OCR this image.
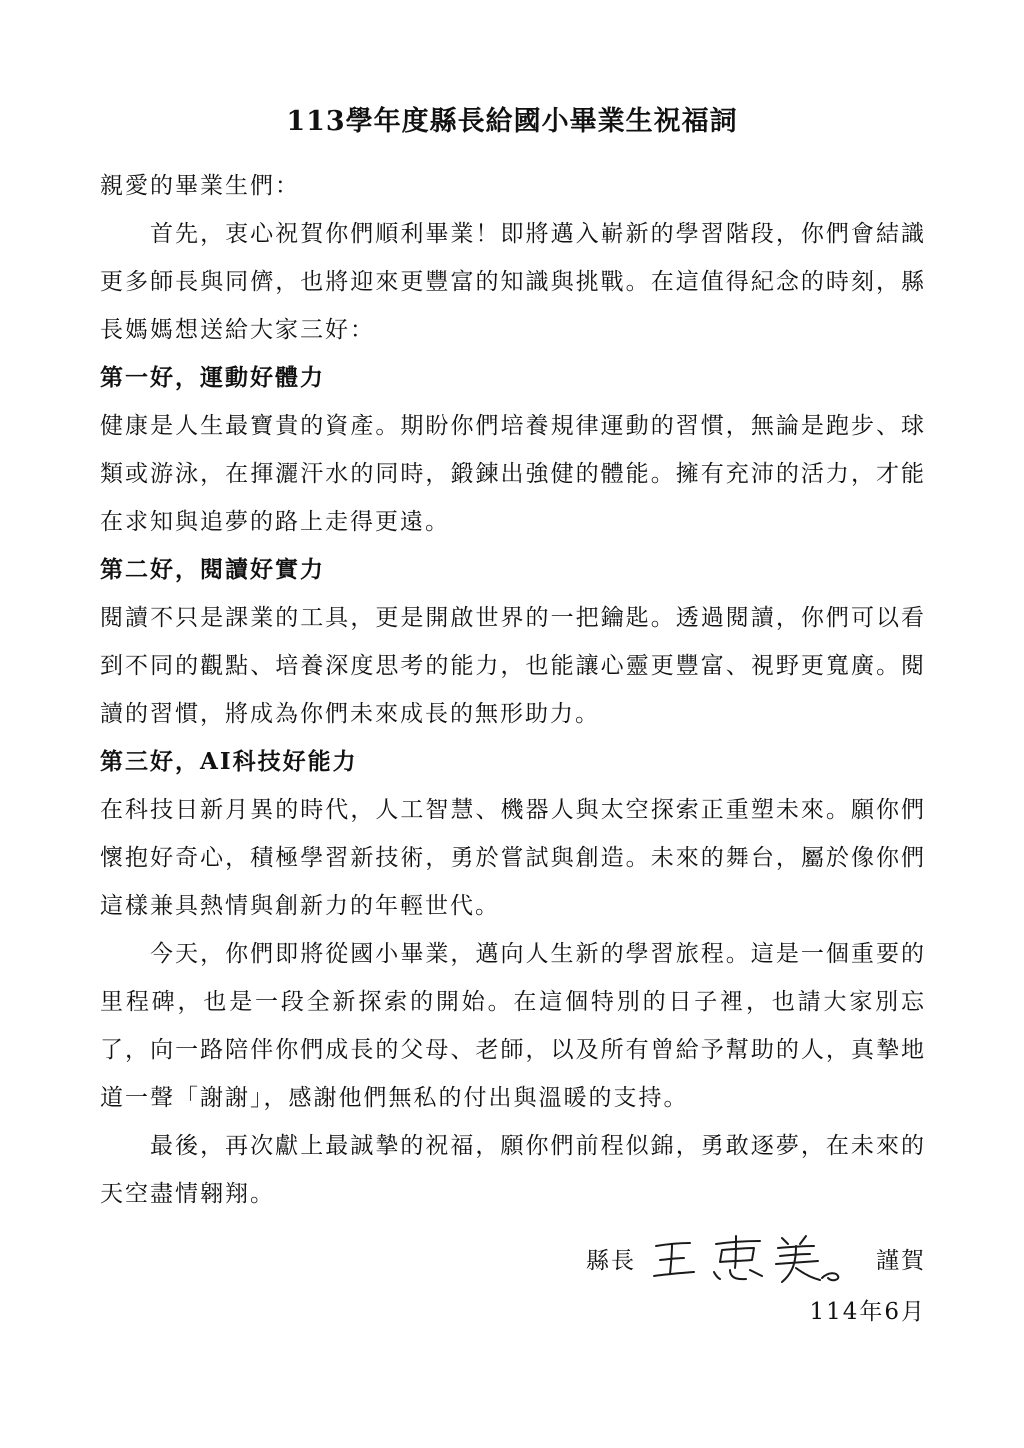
113學年度縣長給國小畢業生祝福詞

親愛的畢業生們：

首先，衷心祝賀你們順利畢業！即將邁入嶄新的學習階段，你們會結識更多師長與同儕，也將迎來更豐富的知識與挑戰。在這值得紀念的時刻，縣長媽媽想送給大家三好：

第一好，運動好體力

健康是人生最寶貴的資產。期盼你們培養規律運動的習慣，無論是跑步、球類或游泳，在揮灑汗水的同時，鍛鍊出強健的體能。擁有充沛的活力，才能在求知與追夢的路上走得更遠。

第二好，閱讀好實力

閱讀不只是課業的工具，更是開啟世界的一把鑰匙。透過閱讀，你們可以看到不同的觀點、培養深度思考的能力，也能讓心靈更豐富、視野更寬廣。閱讀的習慣，將成為你們未來成長的無形助力。

第三好，AI科技好能力

在科技日新月異的時代，人工智慧、機器人與太空探索正重塑未來。願你們懷抱好奇心，積極學習新技術，勇於嘗試與創造。未來的舞台，屬於像你們這樣兼具熱情與創新力的年輕世代。

今天，你們即將從國小畢業，邁向人生新的學習旅程。這是一個重要的里程碑，也是一段全新探索的開始。在這個特別的日子裡，也請大家別忘了，向一路陪伴你們成長的父母、老師，以及所有曾給予幫助的人，真摯地道一聲「謝謝」，感謝他們無私的付出與溫暖的支持。

最後，再次獻上最誠摯的祝福，願你們前程似錦，勇敢逐夢，在未來的天空盡情翱翔。

縣長	謹賀
114年6月
